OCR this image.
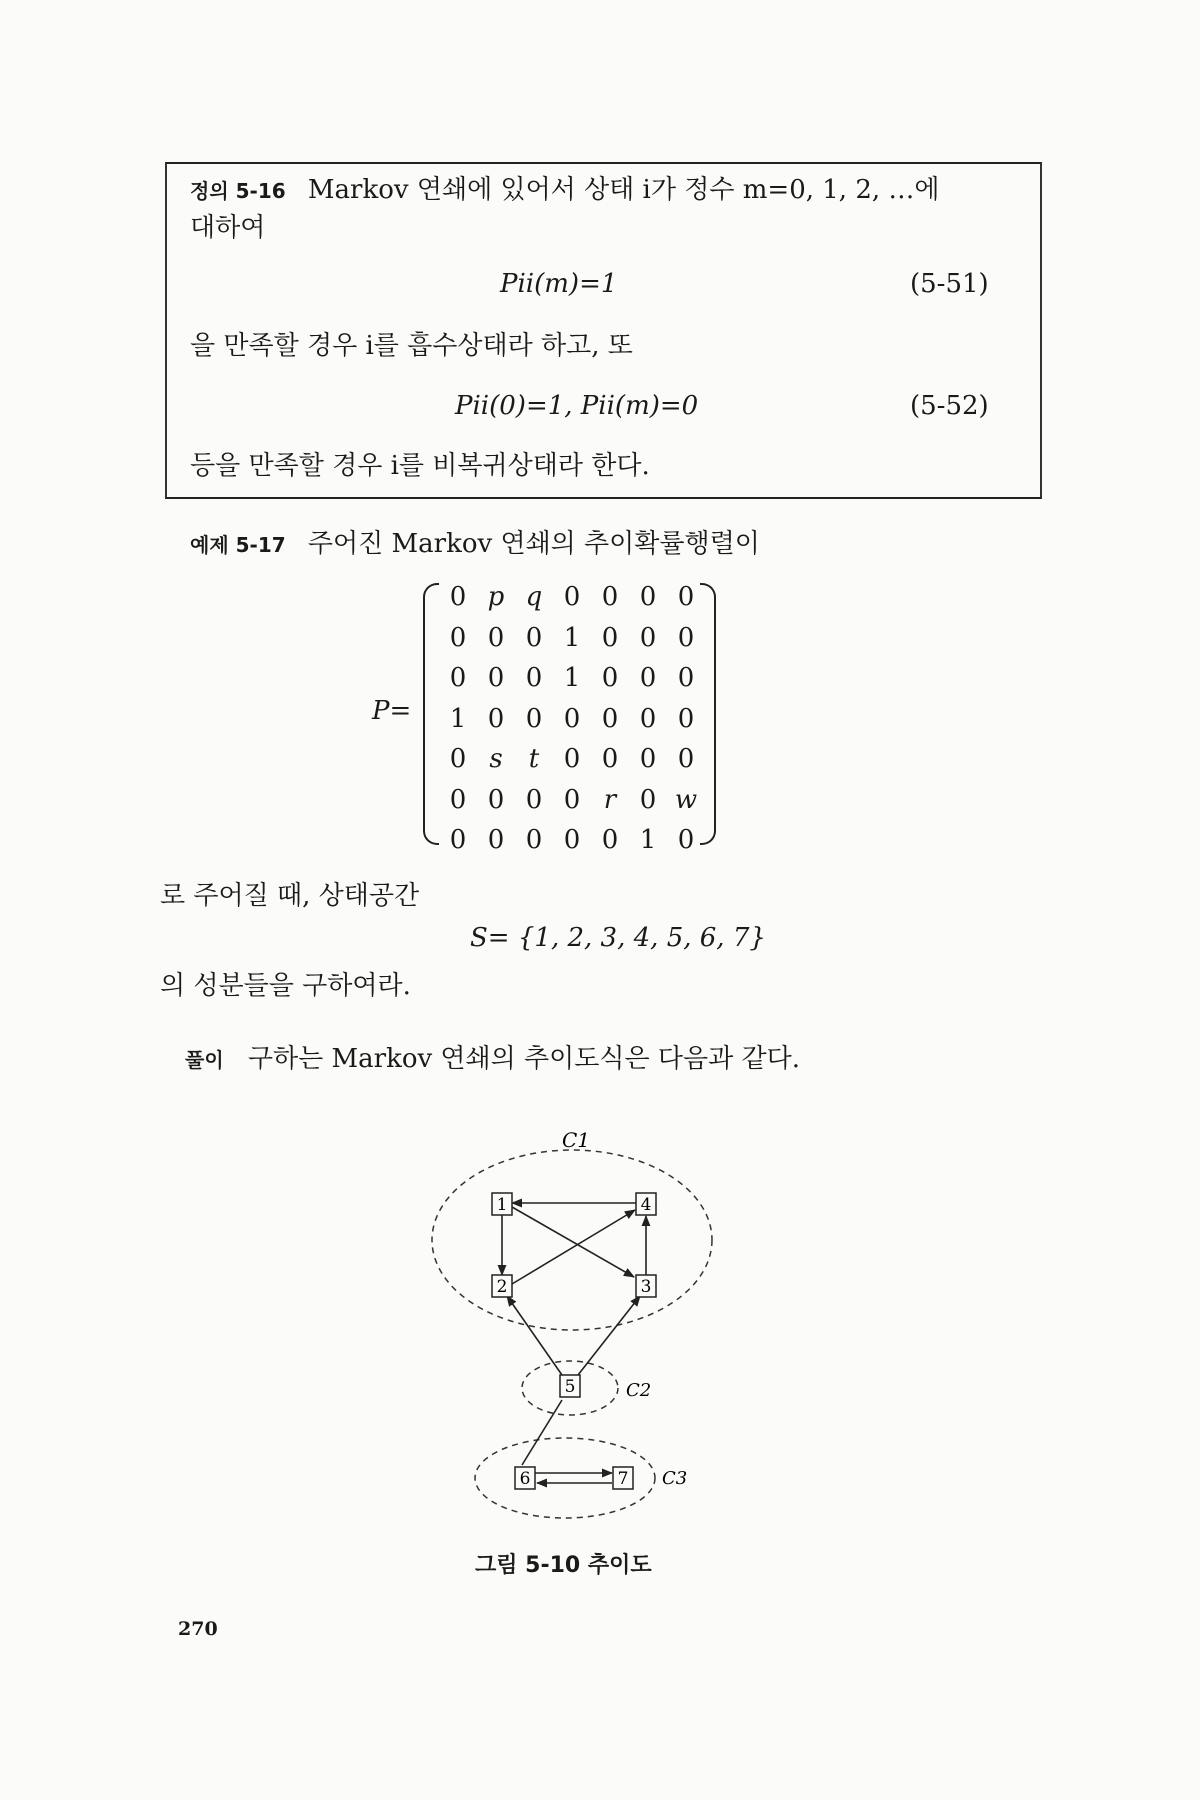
정의 5-16 Markov 연쇄에 있어서 상태 i가 정수 m=0, 1, 2, …에
대하여
Pii(m)=1	(5-51)
을 만족할 경우 i를 흡수상태라 하고, 또
Pii(0)=1, Pii(m)=0	(5-52)
등을 만족할 경우 i를 비복귀상태라 한다.
예제 5-17 주어진 Markov 연쇄의 추이확률행렬이
P=
0 p q 0 0 0 0
0 0 0 1 0 0 0
0 0 0 1 0 0 0
1 0 0 0 0 0 0
0 s	t 0 0 0 0
0 0 0 0 r 0 w
0 0 0 0 0 1 0
로 주어질 때, 상태공간
S= {1, 2, 3, 4, 5, 6, 7}
의 성분들을 구하여라.
풀이 구하는 Markov 연쇄의 추이도식은 다음과 같다.
1
2	3
4
5
6	7
C1
C2
C3
그림 5-10 추이도
270
